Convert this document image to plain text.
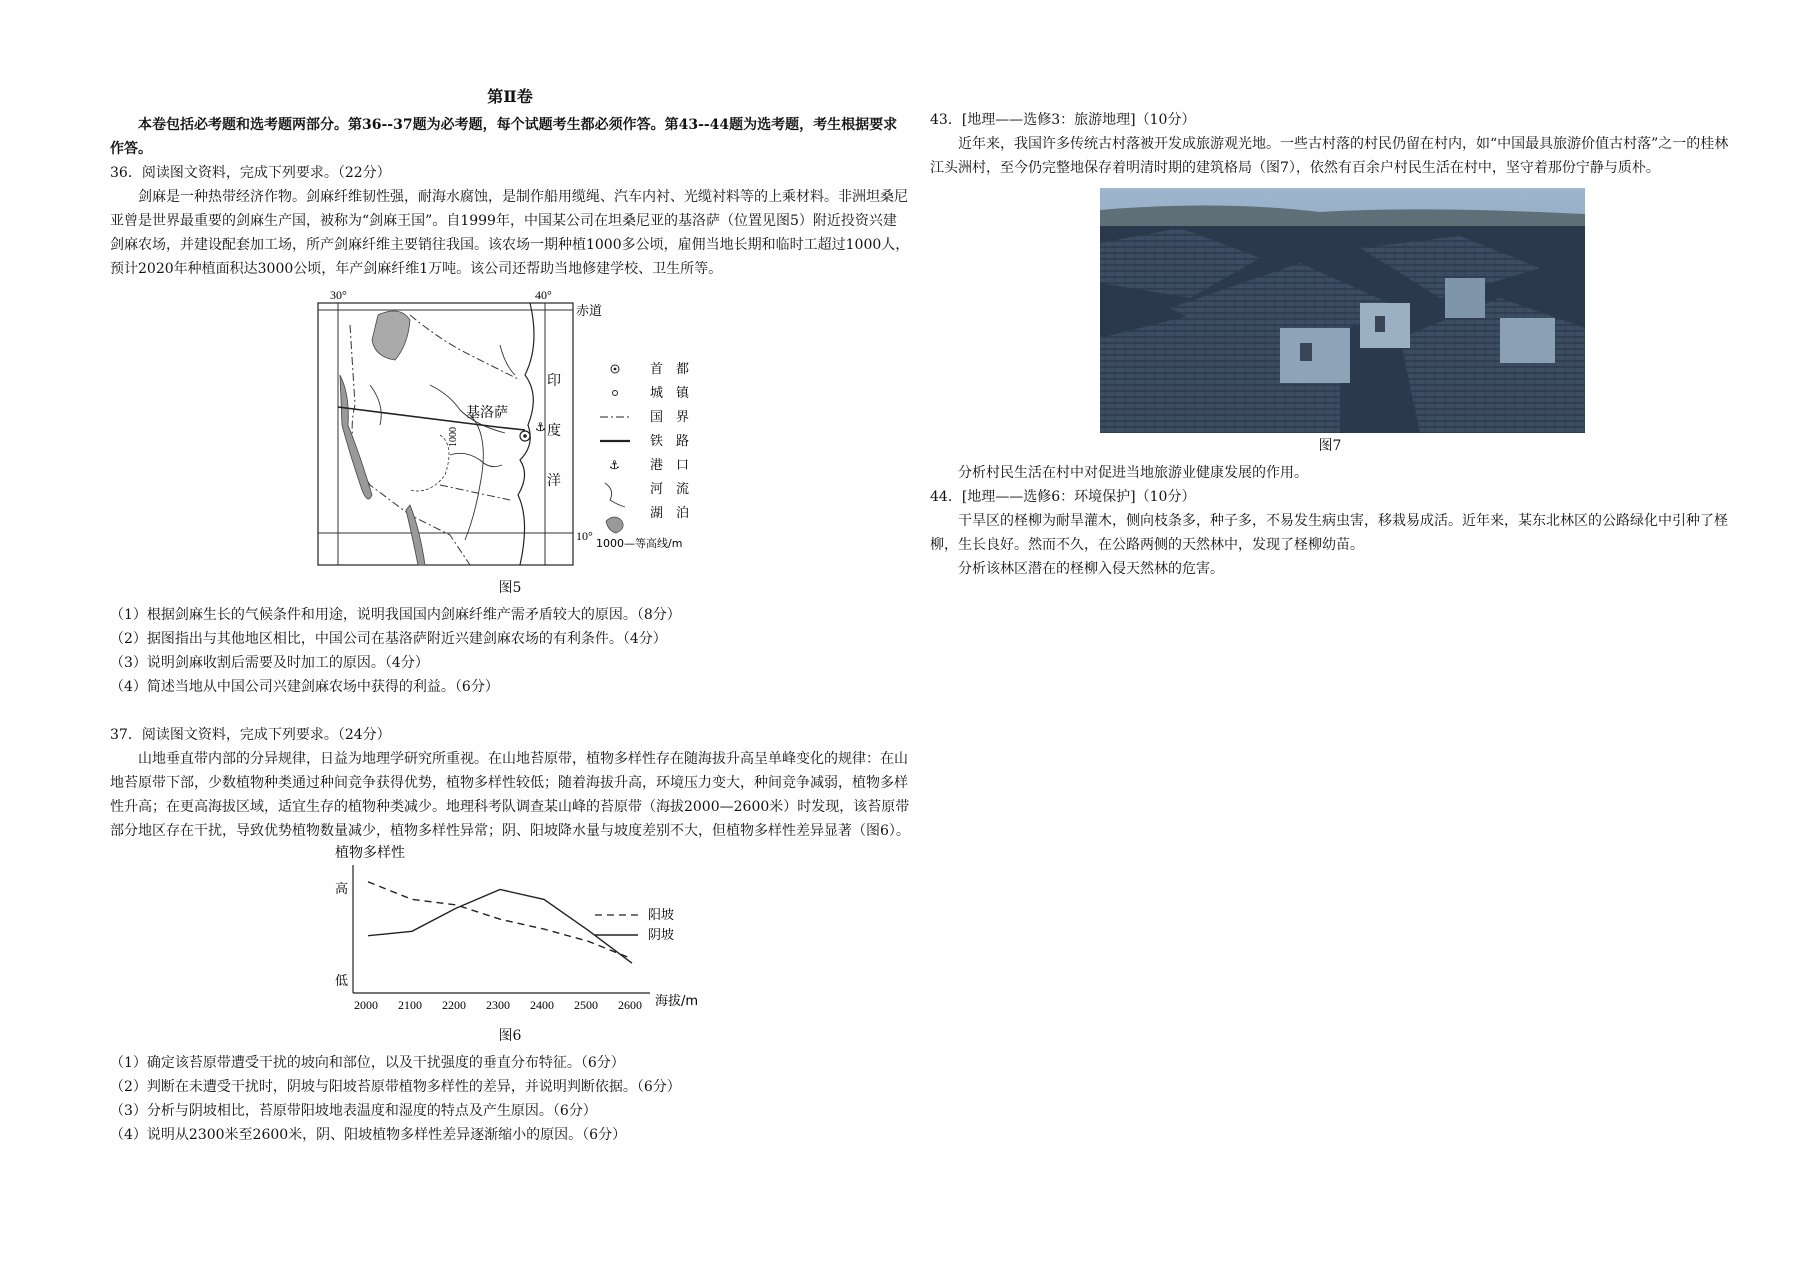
第Ⅱ卷

本卷包括必考题和选考题两部分。第36--37题为必考题，每个试题考生都必须作答。第43--44题为选考题，考生根据要求作答。

36．阅读图文资料，完成下列要求。（22分）

剑麻是一种热带经济作物。剑麻纤维韧性强，耐海水腐蚀，是制作船用缆绳、汽车内衬、光缆衬料等的上乘材料。非洲坦桑尼亚曾是世界最重要的剑麻生产国，被称为“剑麻王国”。自1999年，中国某公司在坦桑尼亚的基洛萨（位置见图5）附近投资兴建剑麻农场，并建设配套加工场，所产剑麻纤维主要销往我国。该农场一期种植1000多公顷，雇佣当地长期和临时工超过1000人，预计2020年种植面积达3000公顷，年产剑麻纤维1万吨。该公司还帮助当地修建学校、卫生所等。

⚓
30°	40°
赤道
10°
基洛萨
1000
印
度
洋
⚓
首　都
城　镇
国　界
铁　路
港　口
河　流
湖　泊
1000—等高线/m
图5

（1）根据剑麻生长的气候条件和用途，说明我国国内剑麻纤维产需矛盾较大的原因。（8分）

（2）据图指出与其他地区相比，中国公司在基洛萨附近兴建剑麻农场的有利条件。（4分）

（3）说明剑麻收割后需要及时加工的原因。（4分）

（4）简述当地从中国公司兴建剑麻农场中获得的利益。（6分）

37．阅读图文资料，完成下列要求。（24分）

山地垂直带内部的分异规律，日益为地理学研究所重视。在山地苔原带，植物多样性存在随海拔升高呈单峰变化的规律：在山地苔原带下部，少数植物种类通过种间竞争获得优势，植物多样性较低；随着海拔升高，环境压力变大，种间竞争减弱，植物多样性升高；在更高海拔区域，适宜生存的植物种类减少。地理科考队调查某山峰的苔原带（海拔2000—2600米）时发现，该苔原带部分地区存在干扰，导致优势植物数量减少，植物多样性异常；阴、阳坡降水量与坡度差别不大，但植物多样性差异显著（图6）。

植物多样性
高
低
海拔/m
2000 2100 2200 2300 2400 2500 2600
阳坡
阴坡
图6

（1）确定该苔原带遭受干扰的坡向和部位，以及干扰强度的垂直分布特征。（6分）

（2）判断在未遭受干扰时，阴坡与阳坡苔原带植物多样性的差异，并说明判断依据。（6分）

（3）分析与阴坡相比，苔原带阳坡地表温度和湿度的特点及产生原因。（6分）

（4）说明从2300米至2600米，阴、阳坡植物多样性差异逐渐缩小的原因。（6分）

43．[地理——选修3：旅游地理]（10分）

近年来，我国许多传统古村落被开发成旅游观光地。一些古村落的村民仍留在村内，如“中国最具旅游价值古村落”之一的桂林江头洲村，至今仍完整地保存着明清时期的建筑格局（图7），依然有百余户村民生活在村中，坚守着那份宁静与质朴。

图7

分析村民生活在村中对促进当地旅游业健康发展的作用。

44．[地理——选修6：环境保护]（10分）

干旱区的柽柳为耐旱灌木，侧向枝条多，种子多，不易发生病虫害，移栽易成活。近年来，某东北林区的公路绿化中引种了柽柳，生长良好。然而不久，在公路两侧的天然林中，发现了柽柳幼苗。

分析该林区潜在的柽柳入侵天然林的危害。
